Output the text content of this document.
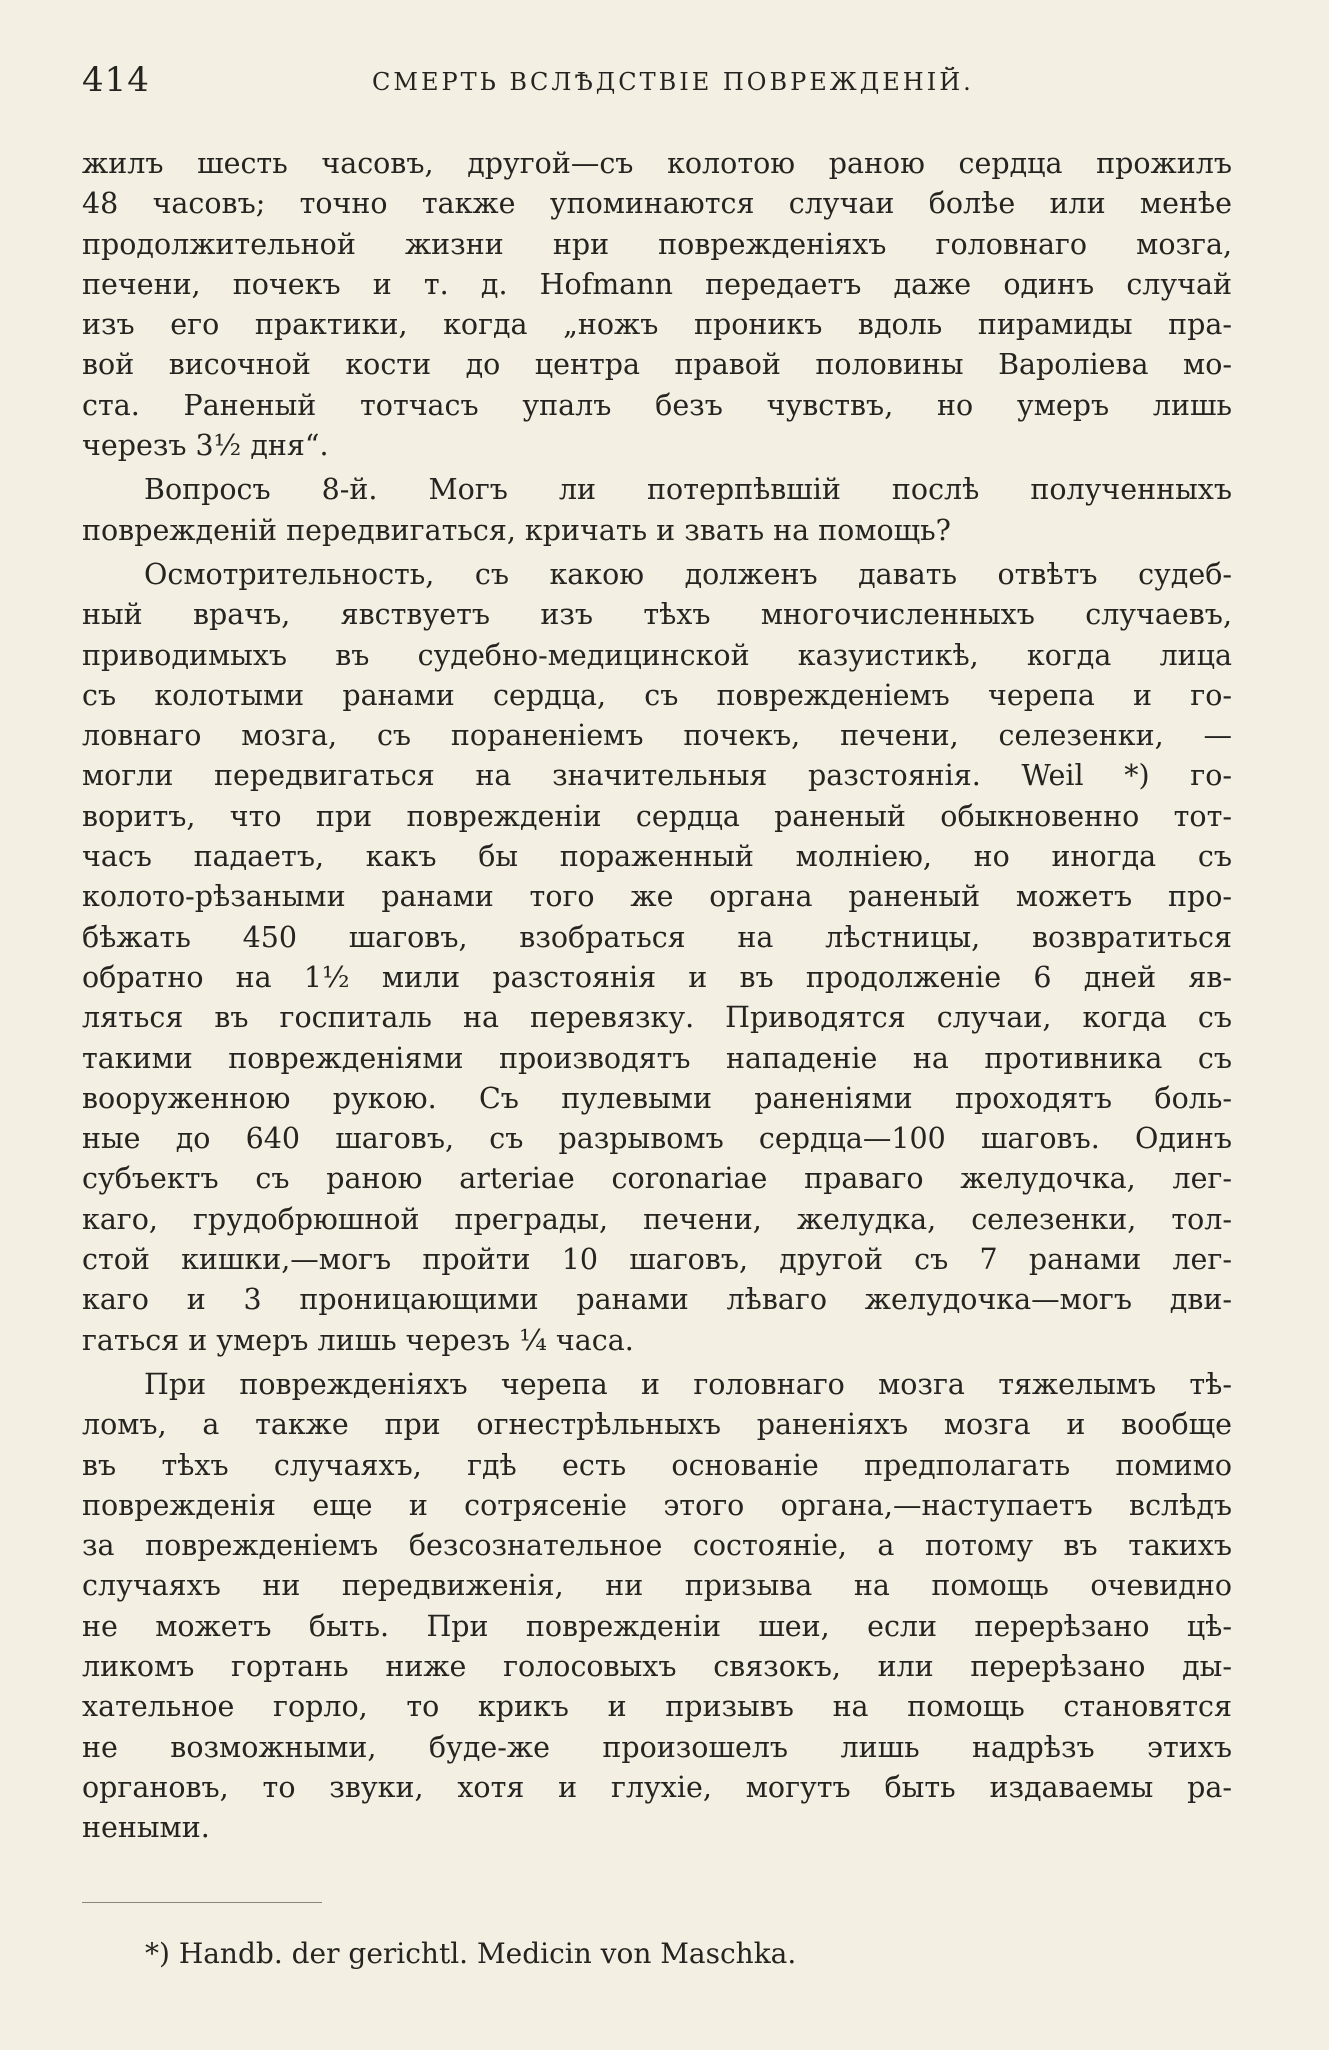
414	СМЕРТЬ ВСЛѢДСТВІЕ ПОВРЕЖДЕНІЙ.
жилъ шесть часовъ, другой—съ колотою раною сердца прожилъ
48 часовъ; точно также упоминаются случаи болѣе или менѣе
продолжительной жизни нри поврежденіяхъ головнаго мозга,
печени, почекъ и т. д. Hofmann передаетъ даже одинъ случай
изъ его практики, когда „ножъ проникъ вдоль пирамиды пра-
вой височной кости до центра правой половины Вароліева мо-
ста. Раненый тотчасъ упалъ безъ чувствъ, но умеръ лишь
черезъ 3½ дня“.
Вопросъ 8-й. Могъ ли потерпѣвшій послѣ полученныхъ
поврежденій передвигаться, кричать и звать на помощь?
Осмотрительность, съ какою долженъ давать отвѣтъ судеб-
ный врачъ, явствуетъ изъ тѣхъ многочисленныхъ случаевъ,
приводимыхъ въ судебно-медицинской казуистикѣ, когда лица
съ колотыми ранами сердца, съ поврежденіемъ черепа и го-
ловнаго мозга, съ пораненіемъ почекъ, печени, селезенки, —
могли передвигаться на значительныя разстоянія. Weil *) го-
воритъ, что при поврежденіи сердца раненый обыкновенно тот-
часъ падаетъ, какъ бы пораженный молніею, но иногда съ
колото-рѣзаными ранами того же органа раненый можетъ про-
бѣжать 450 шаговъ, взобраться на лѣстницы, возвратиться
обратно на 1½ мили разстоянія и въ продолженіе 6 дней яв-
ляться въ госпиталь на перевязку. Приводятся случаи, когда съ
такими поврежденіями производятъ нападеніе на противника съ
вооруженною рукою. Съ пулевыми раненіями проходятъ боль-
ные до 640 шаговъ, съ разрывомъ сердца—100 шаговъ. Одинъ
субъектъ съ раною arteriae coronariae праваго желудочка, лег-
каго, грудобрюшной преграды, печени, желудка, селезенки, тол-
стой кишки,—могъ пройти 10 шаговъ, другой съ 7 ранами лег-
каго и 3 проницающими ранами лѣваго желудочка—могъ дви-
гаться и умеръ лишь черезъ ¼ часа.
При поврежденіяхъ черепа и головнаго мозга тяжелымъ тѣ-
ломъ, а также при огнестрѣльныхъ раненіяхъ мозга и вообще
въ тѣхъ случаяхъ, гдѣ есть основаніе предполагать помимо
поврежденія еще и сотрясеніе этого органа,—наступаетъ вслѣдъ
за поврежденіемъ безсознательное состояніе, а потому въ такихъ
случаяхъ ни передвиженія, ни призыва на помощь очевидно
не можетъ быть. При поврежденіи шеи, если перерѣзано цѣ-
ликомъ гортань ниже голосовыхъ связокъ, или перерѣзано ды-
хательное горло, то крикъ и призывъ на помощь становятся
не возможными, буде-же произошелъ лишь надрѣзъ этихъ
органовъ, то звуки, хотя и глухіе, могутъ быть издаваемы ра-
неными.
*) Handb. der gerichtl. Medicin von Maschka.
